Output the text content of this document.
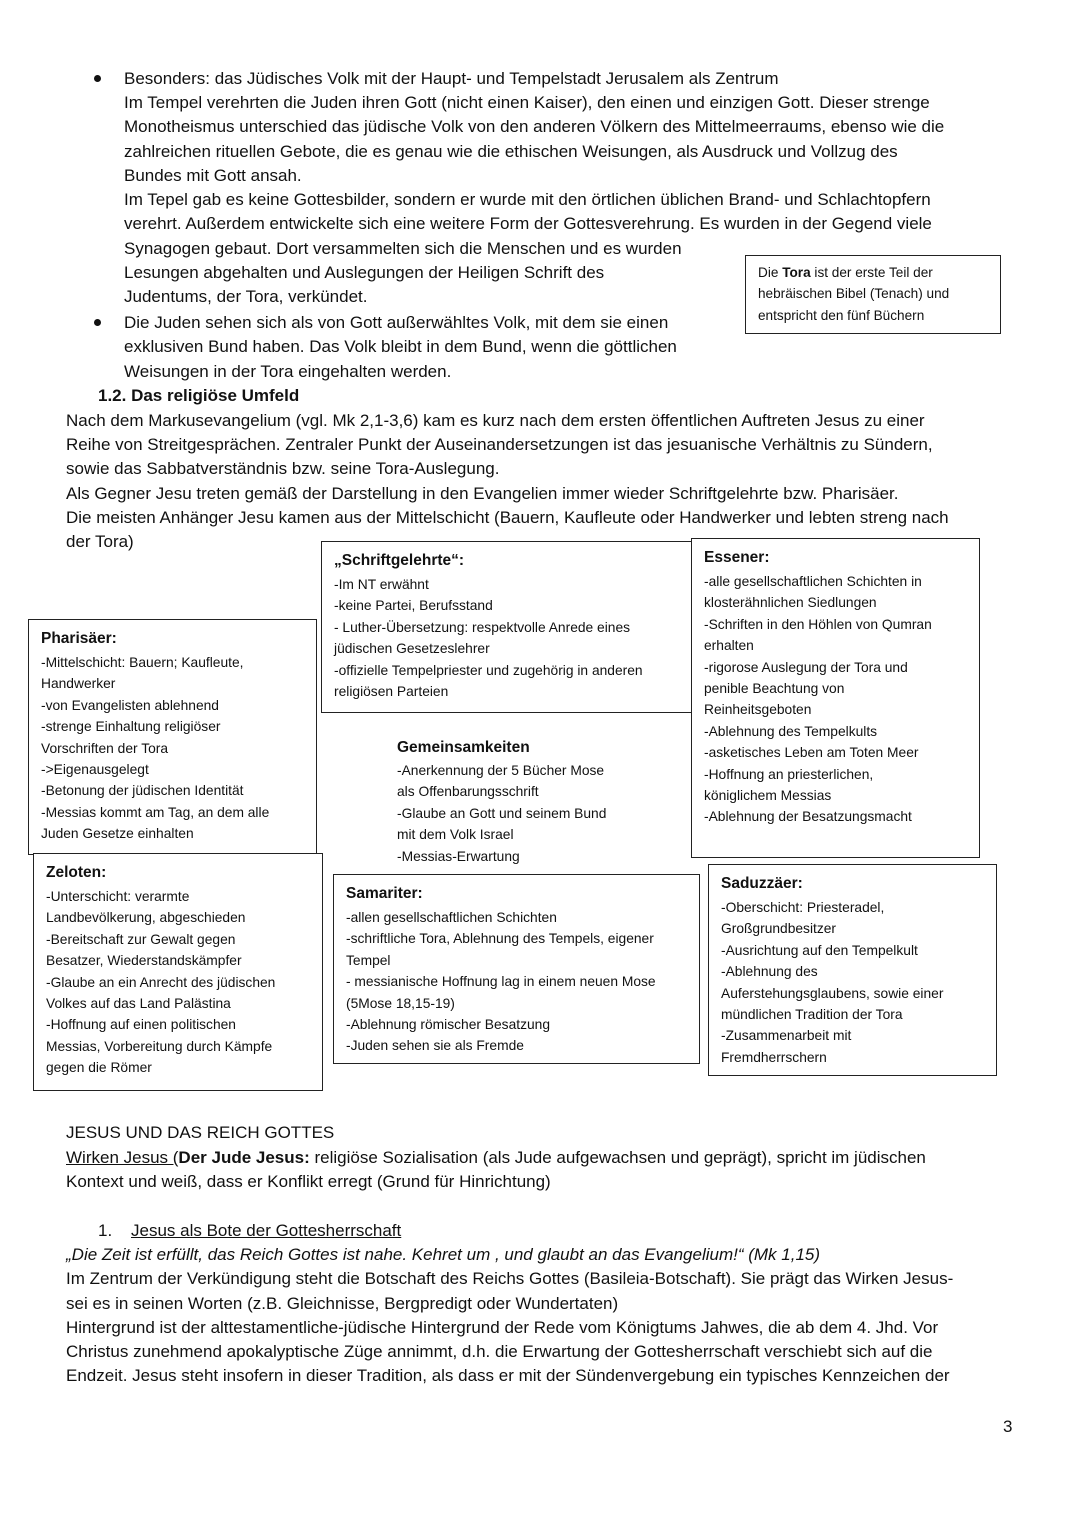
Besonders: das Jüdisches Volk mit der Haupt- und Tempelstadt Jerusalem als Zentrum
Im Tempel verehrten die Juden ihren Gott (nicht einen Kaiser), den einen und einzigen Gott. Dieser strenge
Monotheismus unterschied das jüdische Volk von den anderen Völkern des Mittelmeerraums, ebenso wie die
zahlreichen rituellen Gebote, die es genau wie die ethischen Weisungen, als Ausdruck und Vollzug des
Bundes mit Gott ansah.
Im Tepel gab es keine Gottesbilder, sondern er wurde mit den örtlichen üblichen Brand- und Schlachtopfern
verehrt. Außerdem entwickelte sich eine weitere Form der Gottesverehrung. Es wurden in der Gegend viele
Synagogen gebaut. Dort versammelten sich die Menschen und es wurden
Lesungen abgehalten und Auslegungen der Heiligen Schrift des
Judentums, der Tora, verkündet.
Die Juden sehen sich als von Gott außerwähltes Volk, mit dem sie einen
exklusiven Bund haben. Das Volk bleibt in dem Bund, wenn die göttlichen
Weisungen in der Tora eingehalten werden.
Die Tora ist der erste Teil der
hebräischen Bibel (Tenach) und
entspricht den fünf Büchern
1.2. Das religiöse Umfeld
Nach dem Markusevangelium (vgl. Mk 2,1-3,6) kam es kurz nach dem ersten öffentlichen Auftreten Jesus zu einer
Reihe von Streitgesprächen. Zentraler Punkt der Auseinandersetzungen ist das jesuanische Verhältnis zu Sündern,
sowie das Sabbatverständnis bzw. seine Tora-Auslegung.
Als Gegner Jesu treten gemäß der Darstellung in den Evangelien immer wieder Schriftgelehrte bzw. Pharisäer.
Die meisten Anhänger Jesu kamen aus der Mittelschicht (Bauern, Kaufleute oder Handwerker und lebten streng nach
der Tora)
„Schriftgelehrte“:
-Im NT erwähnt
-keine Partei, Berufsstand
- Luther-Übersetzung: respektvolle Anrede eines
jüdischen Gesetzeslehrer
-offizielle Tempelpriester und zugehörig in anderen
religiösen Parteien
Essener:
-alle gesellschaftlichen Schichten in
klosterähnlichen Siedlungen
-Schriften in den Höhlen von Qumran
erhalten
-rigorose Auslegung der Tora und
penible Beachtung von
Reinheitsgeboten
-Ablehnung des Tempelkults
-asketisches Leben am Toten Meer
-Hoffnung an priesterlichen,
königlichem Messias
-Ablehnung der Besatzungsmacht
Pharisäer:
-Mittelschicht: Bauern; Kaufleute,
Handwerker
-von Evangelisten ablehnend
-strenge Einhaltung religiöser
Vorschriften der Tora
->Eigenausgelegt
-Betonung der jüdischen Identität
-Messias kommt am Tag, an dem alle
Juden Gesetze einhalten
Gemeinsamkeiten
-Anerkennung der 5 Bücher Mose
als Offenbarungsschrift
-Glaube an Gott und seinem Bund
mit dem Volk Israel
-Messias-Erwartung
Zeloten:
-Unterschicht: verarmte
Landbevölkerung, abgeschieden
-Bereitschaft zur Gewalt gegen
Besatzer, Wiederstandskämpfer
-Glaube an ein Anrecht des jüdischen
Volkes auf das Land Palästina
-Hoffnung auf einen politischen
Messias, Vorbereitung durch Kämpfe
gegen die Römer
Samariter:
-allen gesellschaftlichen Schichten
-schriftliche Tora, Ablehnung des Tempels, eigener
Tempel
- messianische Hoffnung lag in einem neuen Mose
(5Mose 18,15-19)
-Ablehnung römischer Besatzung
-Juden sehen sie als Fremde
Saduzzäer:
-Oberschicht: Priesteradel,
Großgrundbesitzer
-Ausrichtung auf den Tempelkult
-Ablehnung des
Auferstehungsglaubens, sowie einer
mündlichen Tradition der Tora
-Zusammenarbeit mit
Fremdherrschern
JESUS UND DAS REICH GOTTES
Wirken Jesus (Der Jude Jesus: religiöse Sozialisation (als Jude aufgewachsen und geprägt), spricht im jüdischen
Kontext und weiß, dass er Konflikt erregt (Grund für Hinrichtung)
1. Jesus als Bote der Gottesherrschaft
„Die Zeit ist erfüllt, das Reich Gottes ist nahe. Kehret um , und glaubt an das Evangelium!“ (Mk 1,15)
Im Zentrum der Verkündigung steht die Botschaft des Reichs Gottes (Basileia-Botschaft). Sie prägt das Wirken Jesus-
sei es in seinen Worten (z.B. Gleichnisse, Bergpredigt oder Wundertaten)
Hintergrund ist der alttestamentliche-jüdische Hintergrund der Rede vom Königtums Jahwes, die ab dem 4. Jhd. Vor
Christus zunehmend apokalyptische Züge annimmt, d.h. die Erwartung der Gottesherrschaft verschiebt sich auf die
Endzeit. Jesus steht insofern in dieser Tradition, als dass er mit der Sündenvergebung ein typisches Kennzeichen der
3
